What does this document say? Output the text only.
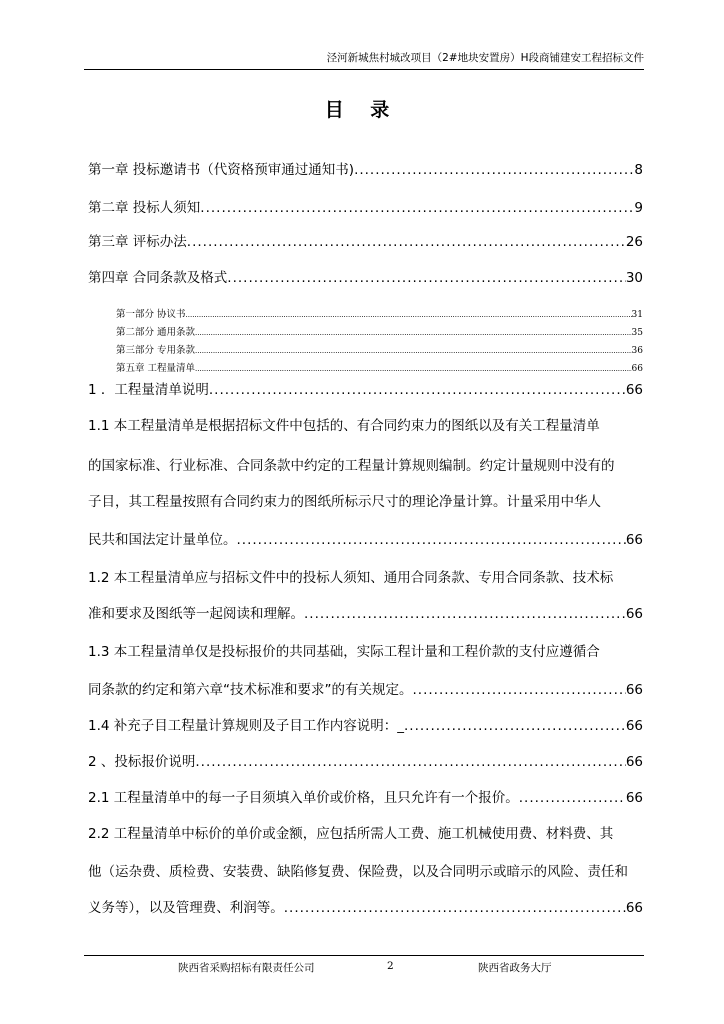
泾河新城焦村城改项目（2#地块安置房）H段商铺建安工程招标文件
目 录
第一章 投标邀请书（代资格预审通过通知书) .....	8
第二章 投标人须知 .....	9
第三章 评标办法 .....	26
第四章 合同条款及格式 .....	30
第一部分 协议书 .....	31
第二部分 通用条款 .....	35
第三部分 专用条款 .....	36
第五章 工程量清单 .....	66
1 ．工程量清单说明 .....	66
1.1 本工程量清单是根据招标文件中包括的、有合同约束力的图纸以及有关工程量清单
的国家标准、行业标准、合同条款中约定的工程量计算规则编制。约定计量规则中没有的
子目，其工程量按照有合同约束力的图纸所标示尺寸的理论净量计算。计量采用中华人
民共和国法定计量单位。 .....	66
1.2 本工程量清单应与招标文件中的投标人须知、通用合同条款、专用合同条款、技术标
准和要求及图纸等一起阅读和理解。 .....	66
1.3 本工程量清单仅是投标报价的共同基础，实际工程计量和工程价款的支付应遵循合
同条款的约定和第六章“技术标准和要求”的有关规定。 .....	66
1.4 补充子目工程量计算规则及子目工作内容说明：_ .....	66
2 、投标报价说明 .....	66
2.1 工程量清单中的每一子目须填入单价或价格，且只允许有一个报价。 .....	66
2.2 工程量清单中标价的单价或金额，应包括所需人工费、施工机械使用费、材料费、其
他（运杂费、质检费、安装费、缺陷修复费、保险费，以及合同明示或暗示的风险、责任和
义务等），以及管理费、利润等。 .....	66
陕西省采购招标有限责任公司	2	陕西省政务大厅
